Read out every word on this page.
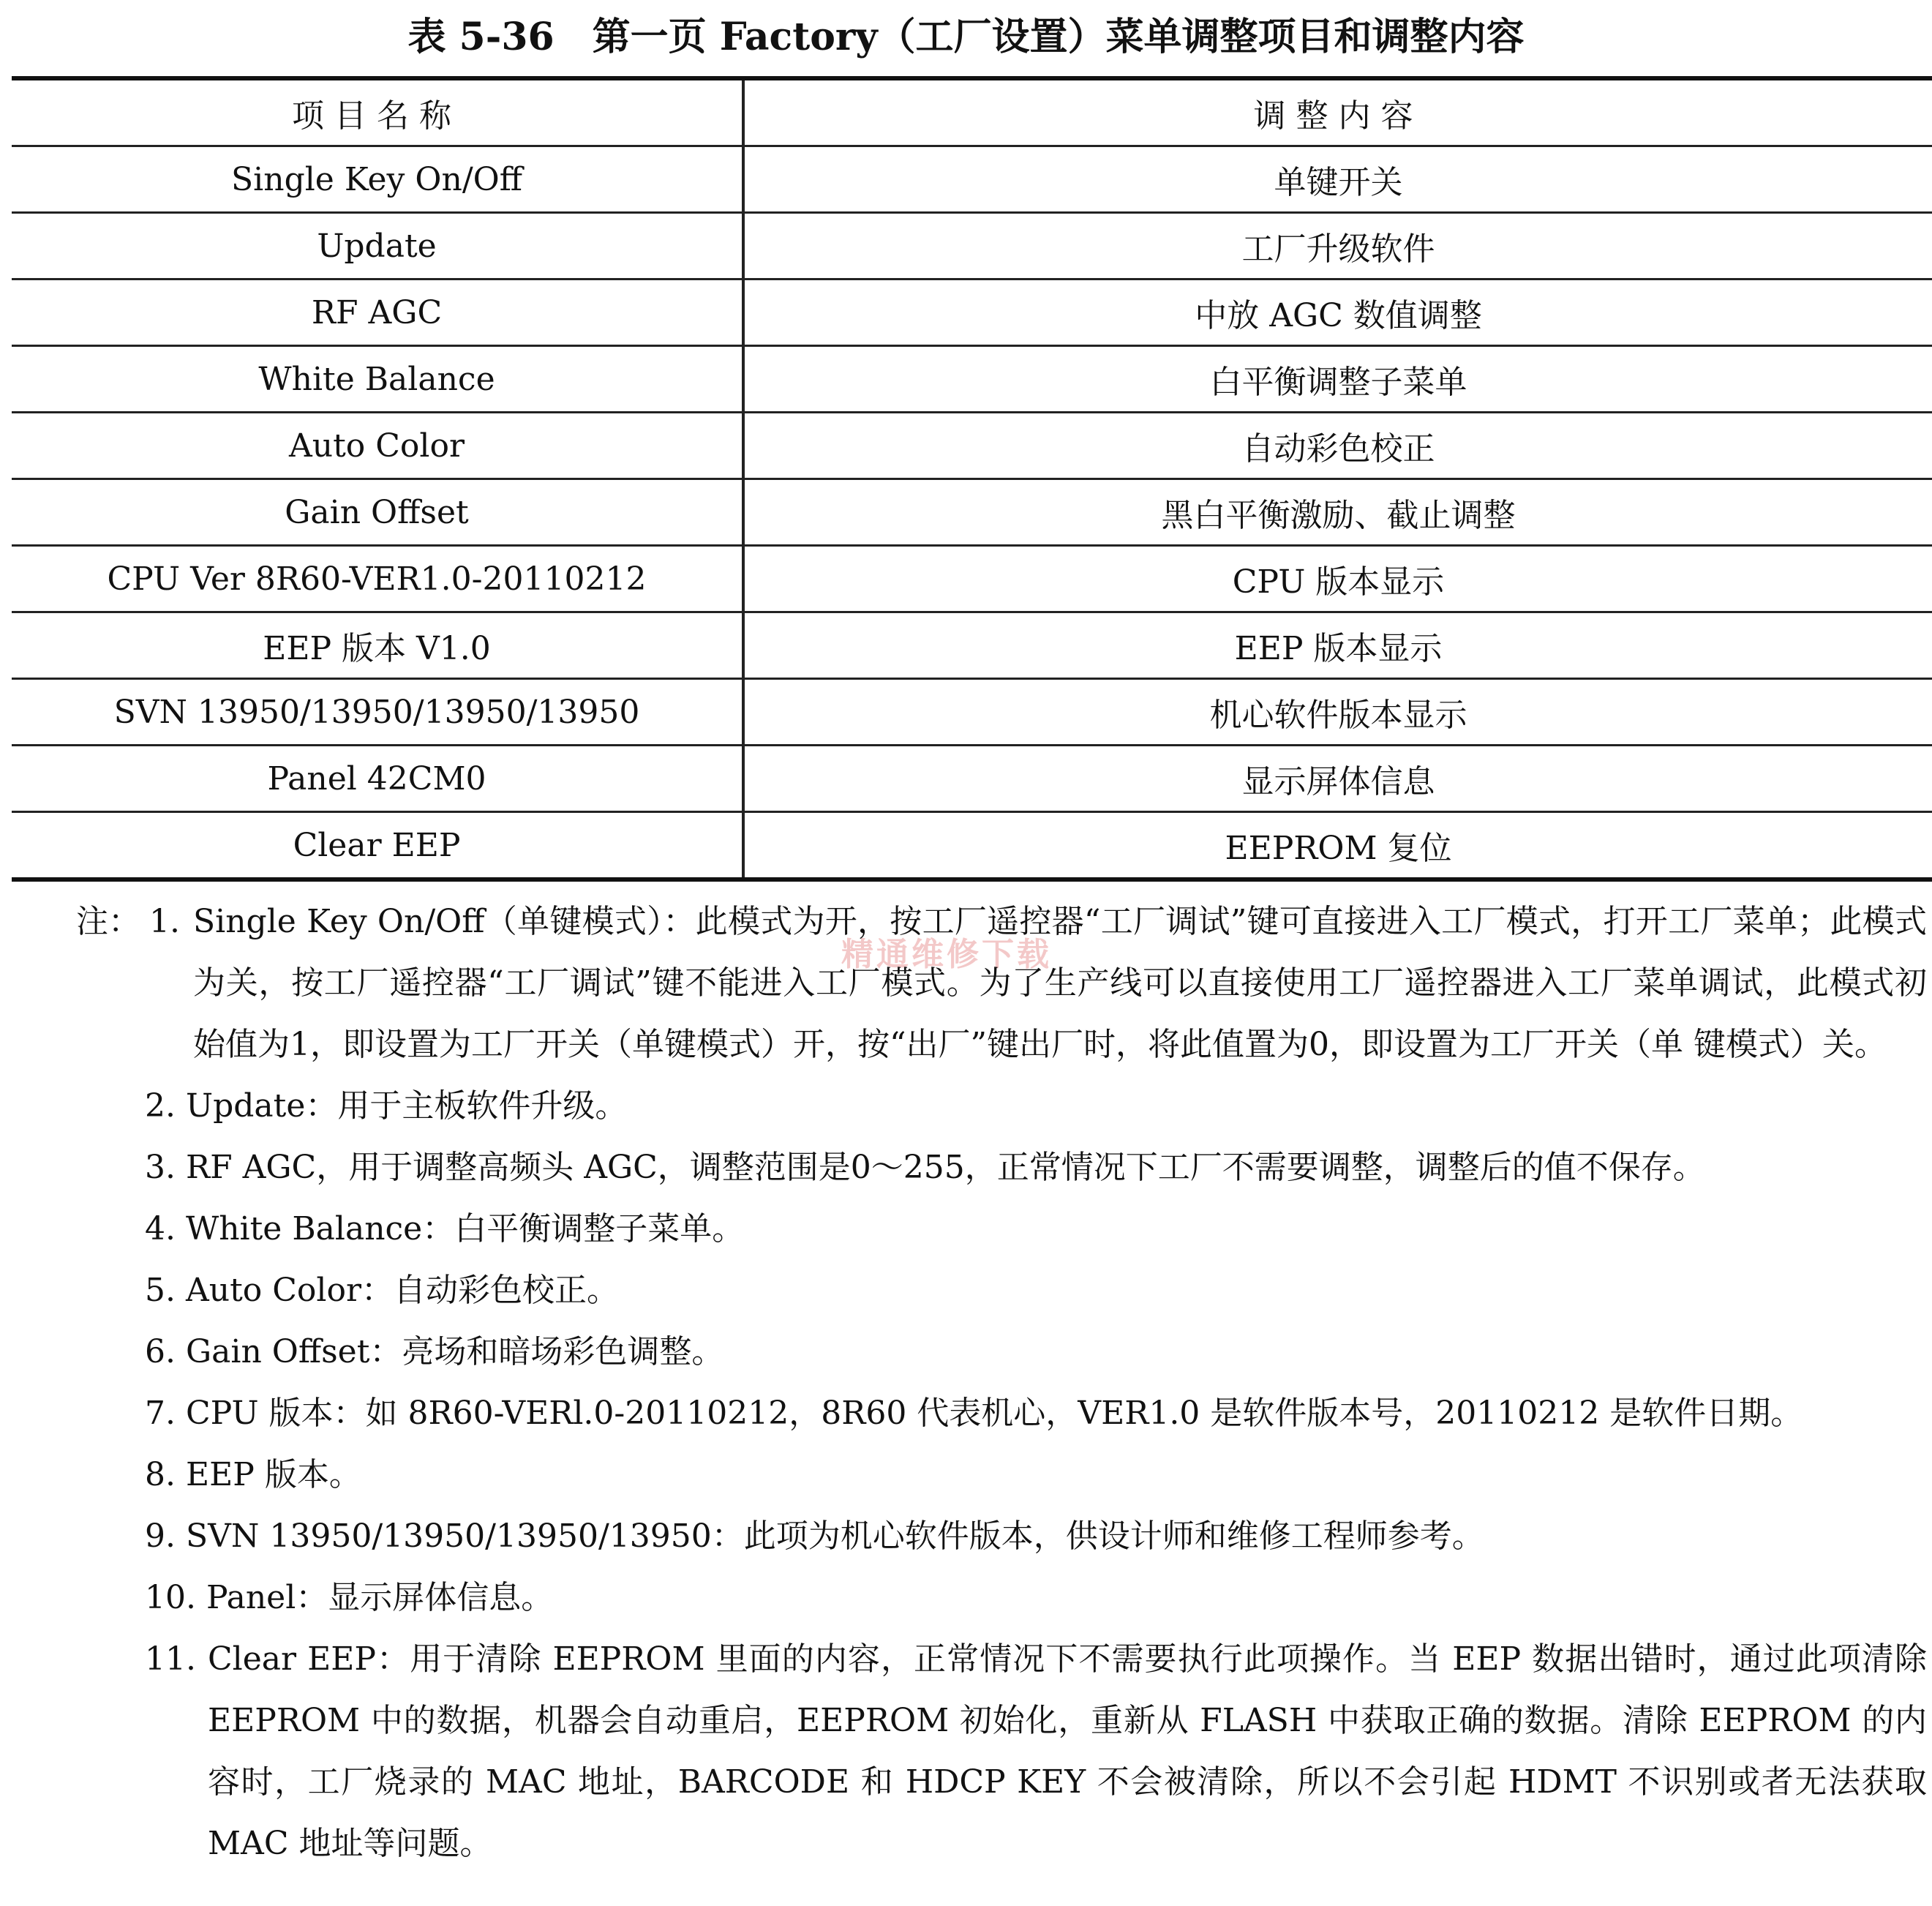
表 5-36　第一页 Factory（工厂设置）菜单调整项目和调整内容
项目名称	调整内容
Single Key On/Off	单键开关
Update	工厂升级软件
RF AGC	中放 AGC 数值调整
White Balance	白平衡调整子菜单
Auto Color	自动彩色校正
Gain Offset	黑白平衡激励、截止调整
CPU Ver 8R60-VER1.0-20110212	CPU 版本显示
EEP 版本 V1.0	EEP 版本显示
SVN 13950/13950/13950/13950	机心软件版本显示
Panel 42CM0	显示屏体信息
Clear EEP	EEPROM 复位
精通维修下载
注： 1. Single Key On/Off（单键模式）：此模式为开，按工厂遥控器“工厂调试”键可直接进入工厂模式，打开工厂菜单；此模式为关，按工厂遥控器“工厂调试”键不能进入工厂模式。为了生产线可以直接使用工厂遥控器进入工厂菜单调试，此模式初始值为1，即设置为工厂开关（单键模式）开，按“出厂”键出厂时，将此值置为0，即设置为工厂开关（单 键模式）关。
2. Update：用于主板软件升级。
3. RF AGC，用于调整高频头 AGC，调整范围是0～255，正常情况下工厂不需要调整，调整后的值不保存。
4. White Balance：白平衡调整子菜单。
5. Auto Color：自动彩色校正。
6. Gain Offset：亮场和暗场彩色调整。
7. CPU 版本：如 8R60-VERl.0-20110212，8R60 代表机心，VER1.0 是软件版本号，20110212 是软件日期。
8. EEP 版本。
9. SVN 13950/13950/13950/13950：此项为机心软件版本，供设计师和维修工程师参考。
10. Panel：显示屏体信息。
11. Clear EEP：用于清除 EEPROM 里面的内容，正常情况下不需要执行此项操作。当 EEP 数据出错时，通过此项清除 EEPROM 中的数据，机器会自动重启，EEPROM 初始化，重新从 FLASH 中获取正确的数据。清除 EEPROM 的内容时，工厂烧录的 MAC 地址，BARCODE 和 HDCP KEY 不会被清除，所以不会引起 HDMT 不识别或者无法获取 MAC 地址等问题。
